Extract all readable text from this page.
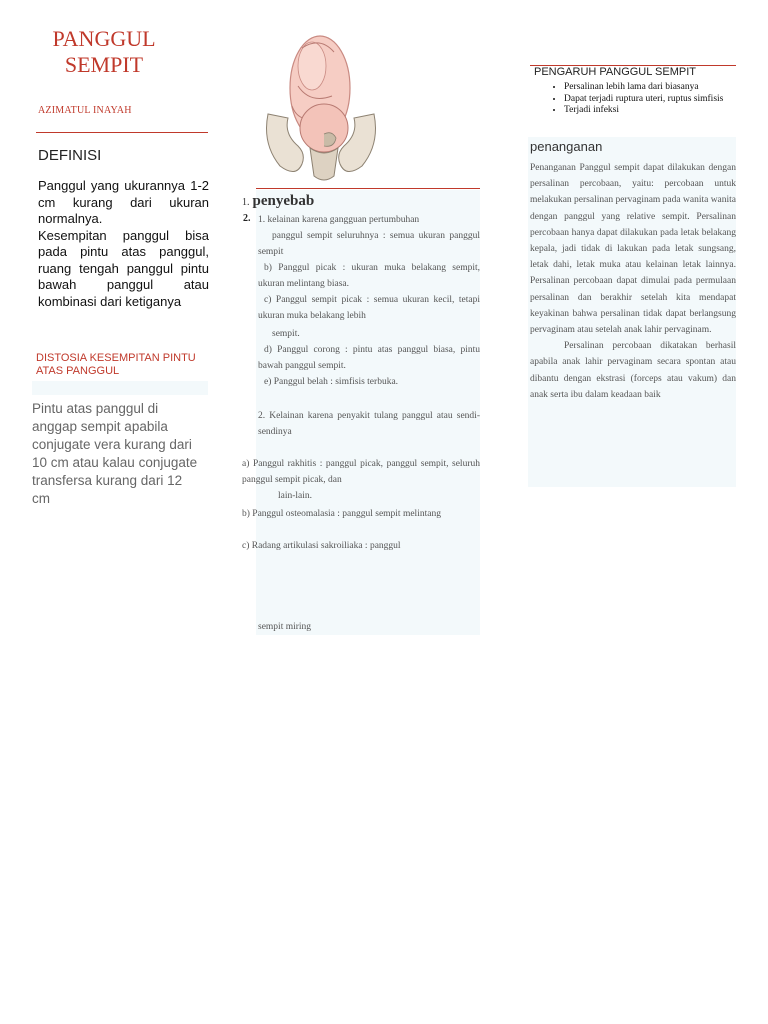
PANGGUL
SEMPIT
AZIMATUL INAYAH
DEFINISI

Panggul yang ukurannya 1-2 cm kurang dari ukuran normalnya.

Kesempitan panggul bisa pada pintu atas panggul, ruang tengah panggul pintu bawah panggul atau kombinasi dari ketiganya

DISTOSIA KESEMPITAN PINTU ATAS PANGGUL
Pintu atas panggul di anggap sempit apabila conjugate vera kurang dari 10 cm atau kalau conjugate transfersa kurang dari 12 cm
1. penyebab
2. 1. kelainan karena gangguan pertumbuhan
panggul sempit seluruhnya : semua ukuran panggul sempit
b) Panggul picak : ukuran muka belakang sempit, ukuran melintang biasa.
c) Panggul sempit picak : semua ukuran kecil, tetapi ukuran muka belakang lebih
sempit.
d) Panggul corong : pintu atas panggul biasa, pintu bawah panggul sempit.
e) Panggul belah : simfisis terbuka.
2. Kelainan karena penyakit tulang panggul atau sendi-sendinya
a) Panggul rakhitis : panggul picak, panggul sempit, seluruh panggul sempit picak, dan
lain-lain.
b) Panggul osteomalasia : panggul sempit melintang
c) Radang artikulasi sakroiliaka : panggul
sempit miring
PENGARUH PANGGUL SEMPIT
• Persalinan lebih lama dari biasanya
• Dapat terjadi ruptura uteri, ruptus simfisis
• Terjadi infeksi
penanganan

Penanganan Panggul sempit dapat dilakukan dengan persalinan percobaan, yaitu: percobaan untuk melakukan persalinan pervaginam pada wanita wanita dengan panggul yang relative sempit. Persalinan percobaan hanya dapat dilakukan pada letak belakang kepala, jadi tidak di lakukan pada letak sungsang, letak dahi, letak muka atau kelainan letak lainnya. Persalinan percobaan dapat dimulai pada permulaan persalinan dan berakhir setelah kita mendapat keyakinan bahwa persalinan tidak dapat berlangsung pervaginam atau setelah anak lahir pervaginam.

Persalinan percobaan dikatakan berhasil apabila anak lahir pervaginam secara spontan atau dibantu dengan ekstrasi (forceps atau vakum) dan anak serta ibu dalam keadaan baik
